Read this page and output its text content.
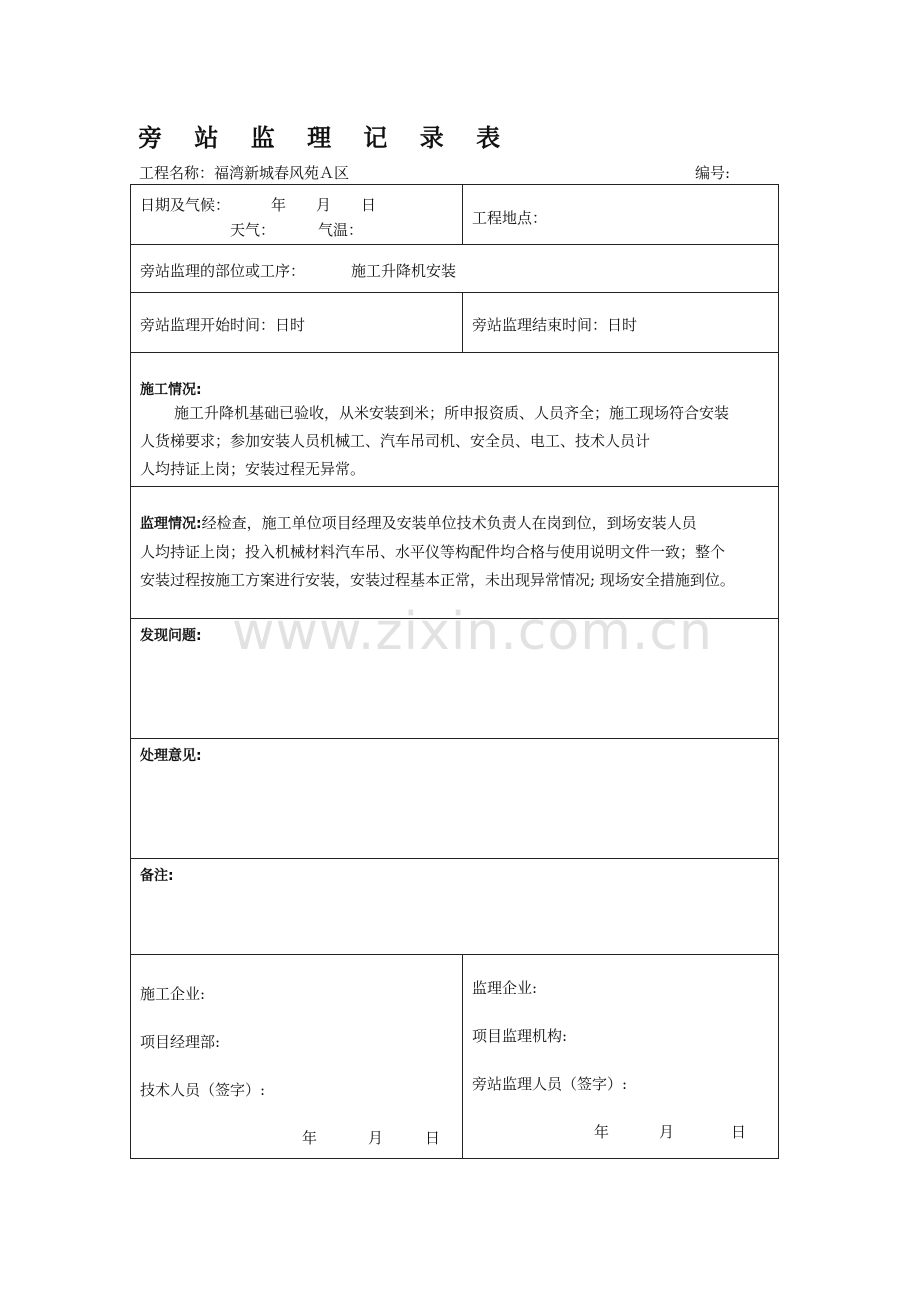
旁 站 监 理 记 录 表
工程名称：福湾新城春风苑Ａ区	编号:
日期及气候：	年 月 日
天气：	气温：
工程地点：
旁站监理的部位或工序：	施工升降机安装
旁站监理开始时间：日时	旁站监理结束时间：日时
施工情况:
施工升降机基础已验收，从米安装到米；所申报资质、人员齐全；施工现场符合安装
人货梯要求；参加安装人员机械工、汽车吊司机、安全员、电工、技术人员计
人均持证上岗；安装过程无异常。
监理情况:经检查，施工单位项目经理及安装单位技术负责人在岗到位，到场安装人员
人均持证上岗；投入机械材料汽车吊、水平仪等构配件均合格与使用说明文件一致；整个
安装过程按施工方案进行安装，安装过程基本正常，未出现异常情况; 现场安全措施到位。
发现问题:
处理意见:
备注:
施工企业:
项目经理部:
技术人员（签字）:
年	月	日
监理企业:
项目监理机构:
旁站监理人员（签字）:
年	月	日
www.zixin.com.cn
